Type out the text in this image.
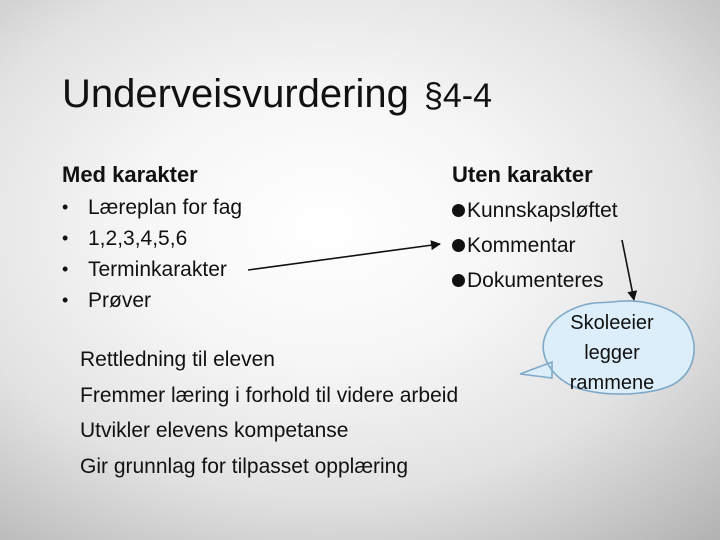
Underveisvurdering §4-4
Med karakter
• Læreplan for fag
• 1,2,3,4,5,6
• Terminkarakter
• Prøver
Uten karakter
Kunnskapsløftet
Kommentar
Dokumenteres
Rettledning til eleven
Fremmer læring i forhold til videre arbeid
Utvikler elevens kompetanse
Gir grunnlag for tilpasset opplæring
Skoleeier
legger
rammene
